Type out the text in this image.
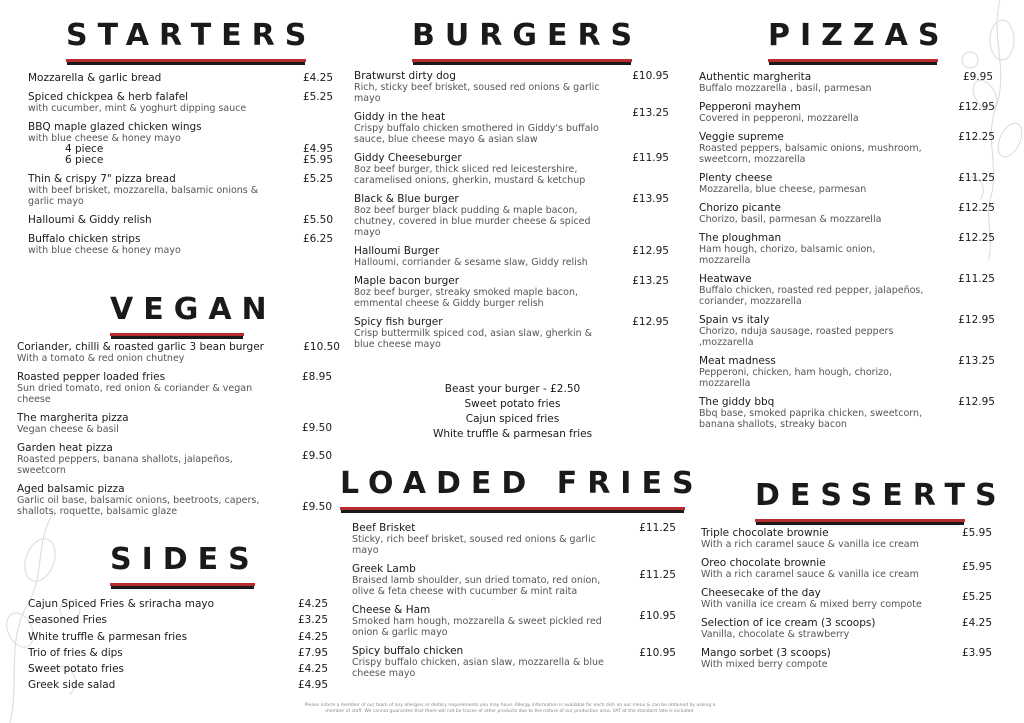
STARTERS
Mozzarella & garlic bread	£4.25
Spiced chickpea & herb falafel
with cucumber, mint & yoghurt dipping sauce
£5.25
BBQ maple glazed chicken wings
with blue cheese & honey mayo
4 piece	£4.95
6 piece	£5.95
Thin & crispy 7" pizza bread
with beef brisket, mozzarella, balsamic onions & garlic mayo
£5.25
Halloumi & Giddy relish	£5.50
Buffalo chicken strips
with blue cheese & honey mayo
£6.25
VEGAN
Coriander, chilli & roasted garlic 3 bean burger
With a tomato & red onion chutney
£10.50
Roasted pepper loaded fries
Sun dried tomato, red onion & coriander & vegan cheese
£8.95
The margherita pizza
Vegan cheese & basil	£9.50
Garden heat pizza
Roasted peppers, banana shallots, jalapeños, sweetcorn
£9.50
Aged balsamic pizza
Garlic oil base, balsamic onions, beetroots, capers, shallots, roquette, balsamic glaze	£9.50
SIDES
Cajun Spiced Fries & sriracha mayo	£4.25
Seasoned Fries	£3.25
White truffle & parmesan fries	£4.25
Trio of fries & dips	£7.95
Sweet potato fries	£4.25
Greek side salad	£4.95
BURGERS
Bratwurst dirty dog
Rich, sticky beef brisket, soused red onions & garlic mayo
£10.95
Giddy in the heat
Crispy buffalo chicken smothered in Giddy's buffalo sauce, blue cheese mayo & asian slaw
£13.25
Giddy Cheeseburger
8oz beef burger, thick sliced red leicestershire, caramelised onions, gherkin, mustard & ketchup
£11.95
Black & Blue burger
8oz beef burger black pudding & maple bacon, chutney, covered in blue murder cheese & spiced mayo
£13.95
Halloumi Burger
Halloumi, corriander & sesame slaw, Giddy relish
£12.95
Maple bacon burger
8oz beef burger, streaky smoked maple bacon, emmental cheese & Giddy burger relish
£13.25
Spicy fish burger
Crisp buttermilk spiced cod, asian slaw, gherkin & blue cheese mayo
£12.95
Beast your burger - £2.50
Sweet potato fries
Cajun spiced fries
White truffle & parmesan fries
LOADED FRIES
Beef Brisket
Sticky, rich beef brisket, soused red onions & garlic mayo
£11.25
Greek Lamb
Braised lamb shoulder, sun dried tomato, red onion, olive & feta cheese with cucumber & mint raita
£11.25
Cheese & Ham
Smoked ham hough, mozzarella & sweet pickled red onion & garlic mayo
£10.95
Spicy buffalo chicken
Crispy buffalo chicken, asian slaw, mozzarella & blue cheese mayo
£10.95
PIZZAS
Authentic margherita
Buffalo mozzarella , basil, parmesan
£9.95
Pepperoni mayhem
Covered in pepperoni, mozzarella
£12.95
Veggie supreme
Roasted peppers, balsamic onions, mushroom, sweetcorn, mozzarella
£12.25
Plenty cheese
Mozzarella, blue cheese, parmesan
£11.25
Chorizo picante
Chorizo, basil, parmesan & mozzarella
£12.25
The ploughman
Ham hough, chorizo, balsamic onion, mozzarella
£12.25
Heatwave
Buffalo chicken, roasted red pepper, jalapeños, coriander, mozzarella
£11.25
Spain vs italy
Chorizo, nduja sausage, roasted peppers ,mozzarella
£12.95
Meat madness
Pepperoni, chicken, ham hough, chorizo, mozzarella
£13.25
The giddy bbq
Bbq base, smoked paprika chicken, sweetcorn, banana shallots, streaky bacon
£12.95
DESSERTS
Triple chocolate brownie
With a rich caramel sauce & vanilla ice cream
£5.95
Oreo chocolate brownie
With a rich caramel sauce & vanilla ice cream
£5.95
Cheesecake of the day
With vanilla ice cream & mixed berry compote
£5.25
Selection of ice cream (3 scoops)
Vanilla, chocolate & strawberry
£4.25
Mango sorbet (3 scoops)
With mixed berry compote
£3.95
Please inform a member of our team of any allergies or dietary requirements you may have. Allergy information is available for each dish on our menu & can be obtained by asking a member of staff. We cannot guarantee that there will not be traces of other products due to the nature of our production area. VAT at the standard rate is included.
